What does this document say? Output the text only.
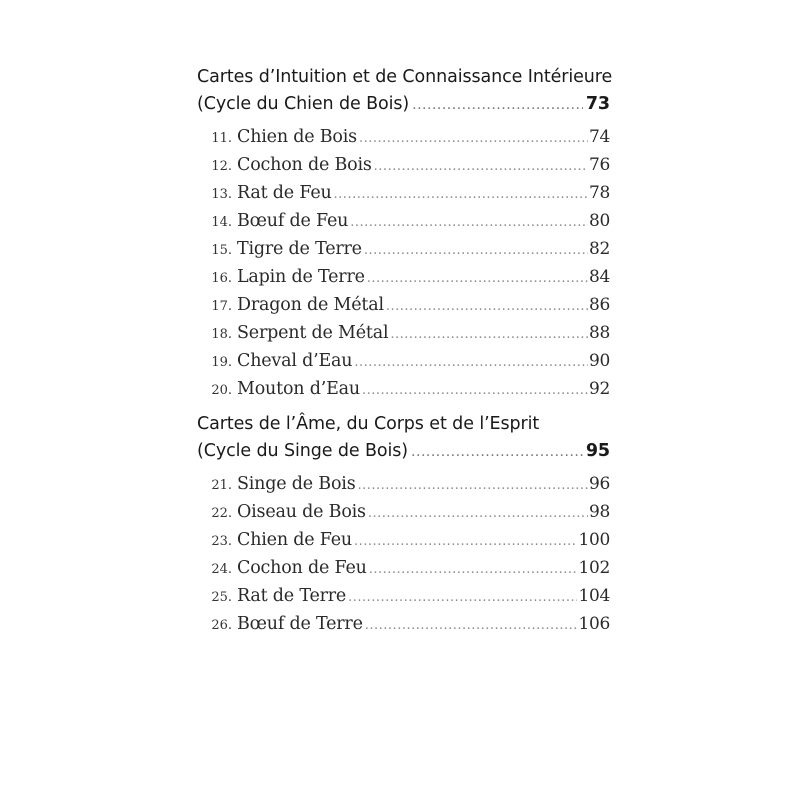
Cartes d’Intuition et de Connaissance Intérieure
(Cycle du Chien de Bois) .....	73
11. Chien de Bois .....	74
12. Cochon de Bois .....	76
13. Rat de Feu .....	78
14. Bœuf de Feu .....	80
15. Tigre de Terre .....	82
16. Lapin de Terre .....	84
17. Dragon de Métal .....	86
18. Serpent de Métal .....	88
19. Cheval d’Eau .....	90
20. Mouton d’Eau .....	92
Cartes de l’Âme, du Corps et de l’Esprit
(Cycle du Singe de Bois) .....	95
21. Singe de Bois .....	96
22. Oiseau de Bois .....	98
23. Chien de Feu .....	100
24. Cochon de Feu .....	102
25. Rat de Terre .....	104
26. Bœuf de Terre .....	106
